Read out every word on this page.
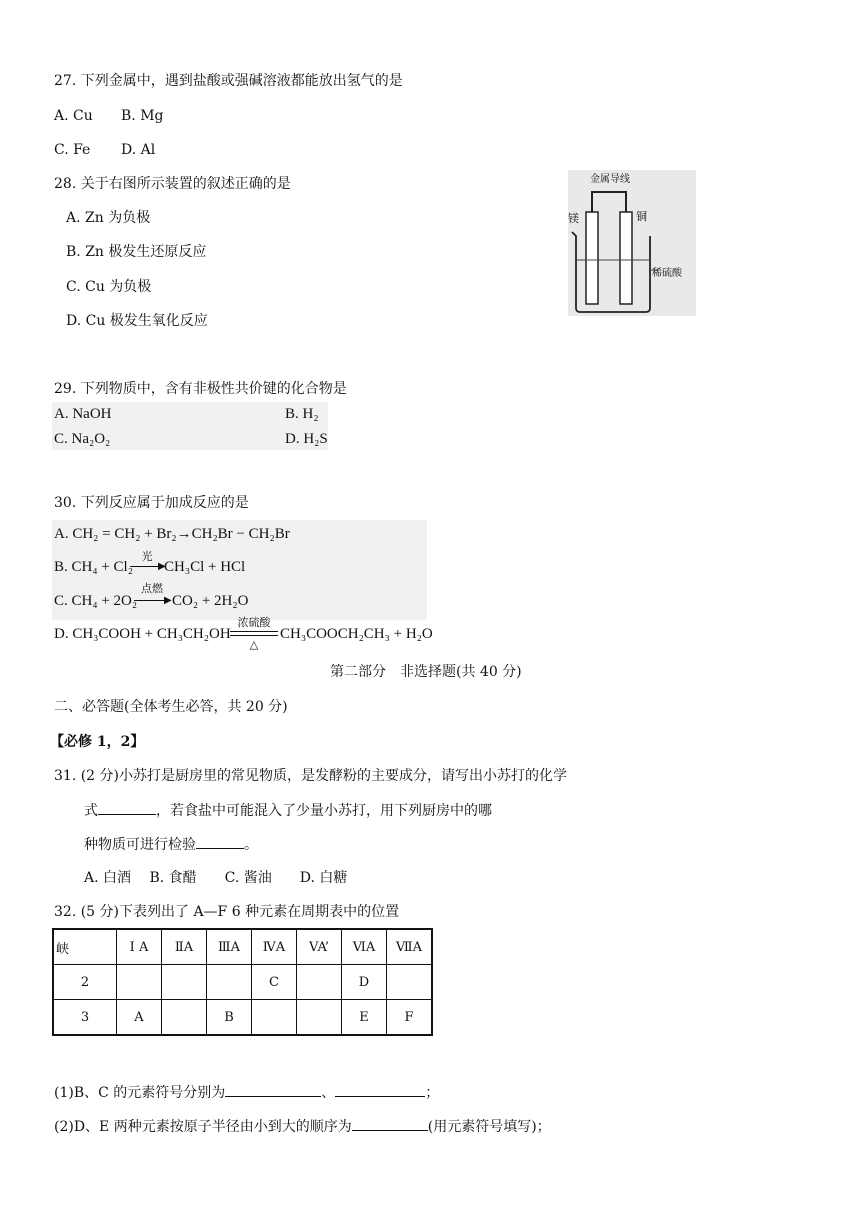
27. 下列金属中，遇到盐酸或强碱溶液都能放出氢气的是
A. Cu B. Mg
C. Fe D. Al
28. 关于右图所示装置的叙述正确的是
A. Zn 为负极
B. Zn 极发生还原反应
C. Cu 为负极
D. Cu 极发生氧化反应
金属导线
镁	铜
稀硫酸
29. 下列物质中，含有非极性共价键的化合物是
A. NaOH	B. H₂
C. Na₂O₂	D. H₂S
30. 下列反应属于加成反应的是
A. CH₂ = CH₂ + Br₂→CH₂Br − CH₂Br
B. CH₄ + Cl₂
光
▶
CH₃Cl + HCl
C. CH₄ + 2O₂
点燃
▶ CO₂ + 2H₂O
D. CH₃COOH + CH₃CH₂OH
浓硫酸
△
CH₃COOCH₂CH₃ + H₂O
第二部分　非选择题(共 40 分)
二、必答题(全体考生必答，共 20 分)
【必修 1，2】
31. (2 分)小苏打是厨房里的常见物质，是发酵粉的主要成分，请写出小苏打的化学
式	，若食盐中可能混入了少量小苏打，用下列厨房中的哪
种物质可进行检验	。
A. 白酒　 B. 食醋　　C. 酱油　　D. 白糖
32. (5 分)下表列出了 A—F 6 种元素在周期表中的位置
峡	Ⅰ A	ⅡA	ⅢA	ⅣA	VA’	ⅥA	ⅦA
2				C		D	
3	A		B			E	F
(1)B、C 的元素符号分别为	、	；
(2)D、E 两种元素按原子半径由小到大的顺序为	(用元素符号填写)；
